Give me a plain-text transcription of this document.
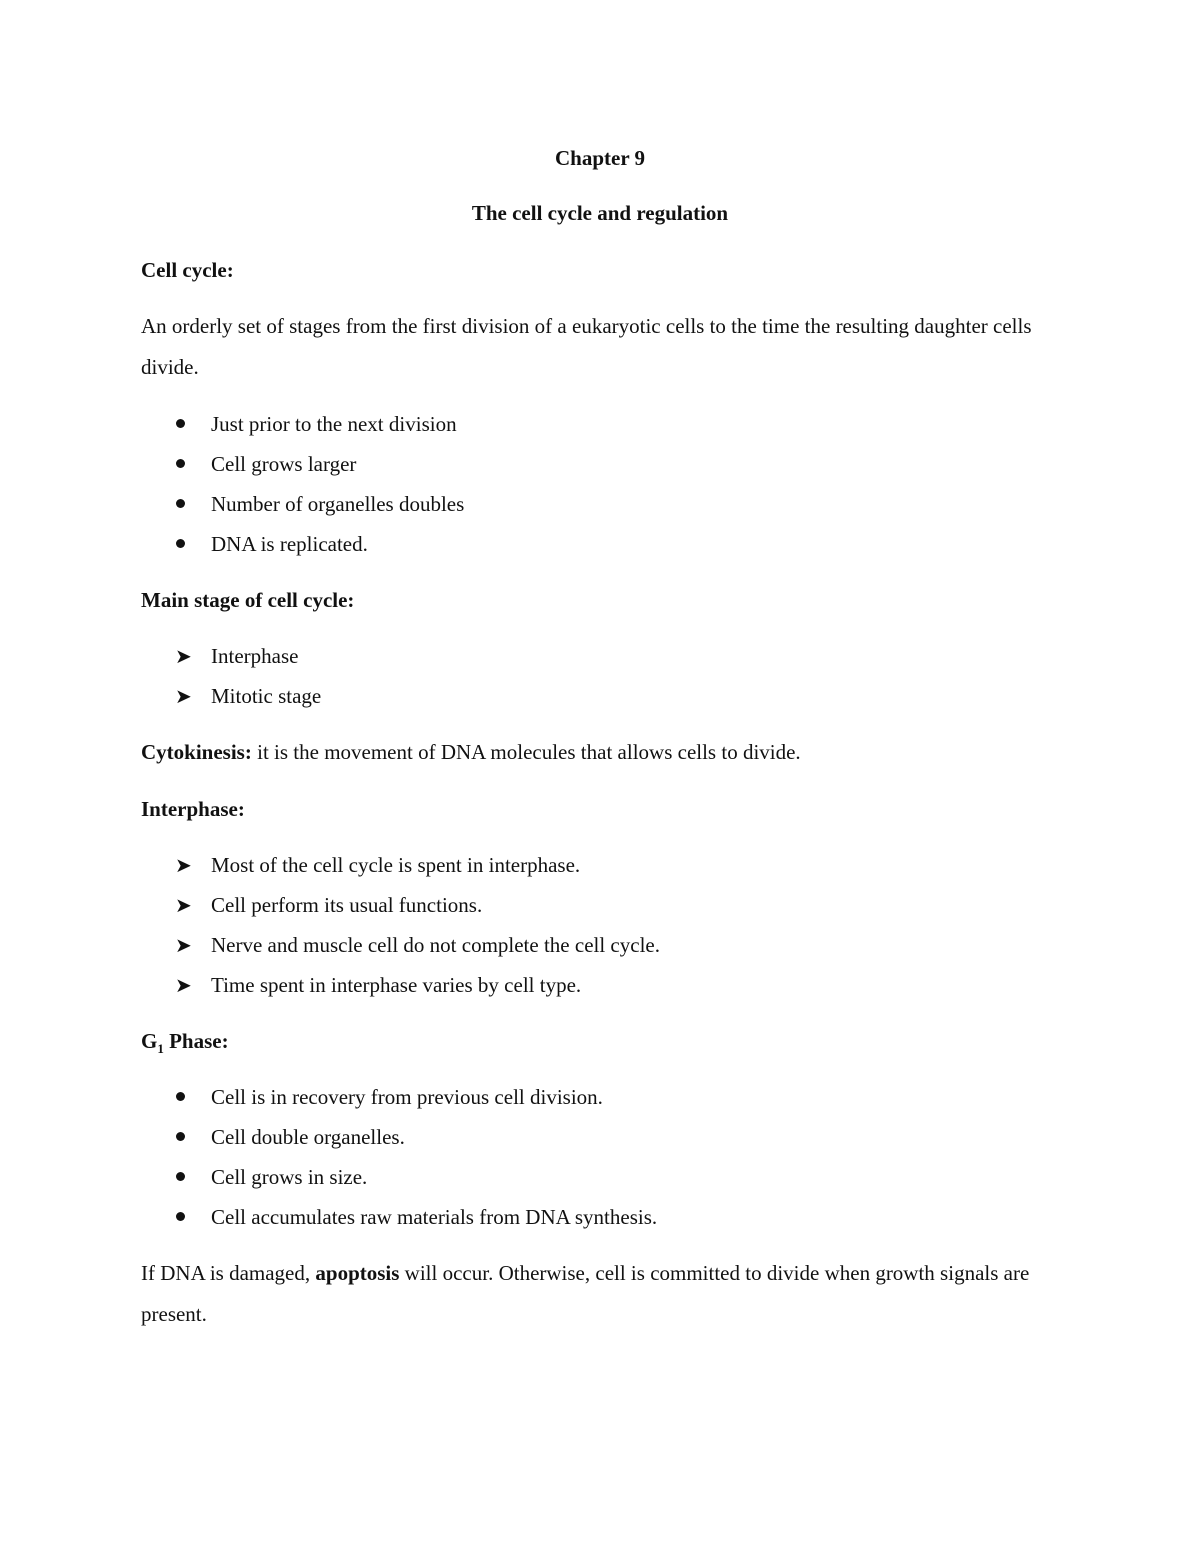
Chapter 9
The cell cycle and regulation
Cell cycle:
An orderly set of stages from the first division of a eukaryotic cells to the time the resulting daughter cells divide.
Just prior to the next division
Cell grows larger
Number of organelles doubles
DNA is replicated.
Main stage of cell cycle:
➤ Interphase
➤ Mitotic stage
Cytokinesis: it is the movement of DNA molecules that allows cells to divide.
Interphase:
➤ Most of the cell cycle is spent in interphase.
➤ Cell perform its usual functions.
➤ Nerve and muscle cell do not complete the cell cycle.
➤ Time spent in interphase varies by cell type.
$G_1$ Phase:
Cell is in recovery from previous cell division.
Cell double organelles.
Cell grows in size.
Cell accumulates raw materials from DNA synthesis.
If DNA is damaged, apoptosis will occur. Otherwise, cell is committed to divide when growth signals are present.
